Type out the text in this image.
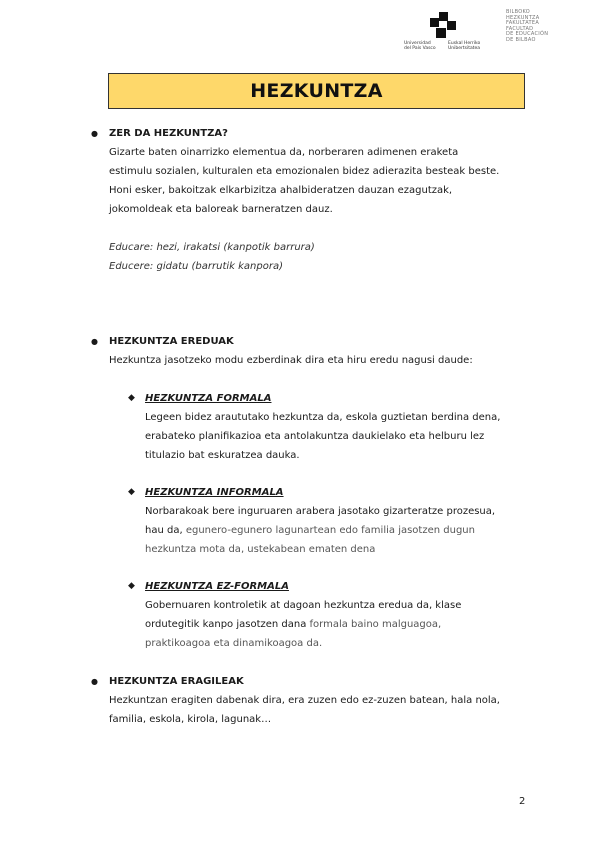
Universidad
del País Vasco
Euskal Herriko
Unibertsitatea
BILBOKO
HEZKUNTZA
FAKULTATEA
FACULTAD
DE EDUCACIÓN
DE BILBAO
HEZKUNTZA
● ZER DA HEZKUNTZA?

Gizarte baten oinarrizko elementua da, norberaren adimenen eraketa

estimulu sozialen, kulturalen eta emozionalen bidez adierazita besteak beste.

Honi esker, bakoitzak elkarbizitza ahalbideratzen dauzan ezagutzak,

jokomoldeak eta baloreak barneratzen dauz.

Educare: hezi, irakatsi (kanpotik barrura)

Educere: gidatu (barrutik kanpora)

● HEZKUNTZA EREDUAK

Hezkuntza jasotzeko modu ezberdinak dira eta hiru eredu nagusi daude:

◆ HEZKUNTZA FORMALA

Legeen bidez araututako hezkuntza da, eskola guztietan berdina dena,

erabateko planifikazioa eta antolakuntza daukielako eta helburu lez

titulazio bat eskuratzea dauka.

◆ HEZKUNTZA INFORMALA

Norbarakoak bere inguruaren arabera jasotako gizarteratze prozesua,

hau da, egunero-egunero lagunartean edo familia jasotzen dugun

hezkuntza mota da, ustekabean ematen dena

◆ HEZKUNTZA EZ-FORMALA

Gobernuaren kontroletik at dagoan hezkuntza eredua da, klase

ordutegitik kanpo jasotzen dana formala baino malguagoa,

praktikoagoa eta dinamikoagoa da.

● HEZKUNTZA ERAGILEAK

Hezkuntzan eragiten dabenak dira, era zuzen edo ez-zuzen batean, hala nola,

familia, eskola, kirola, lagunak…

2
